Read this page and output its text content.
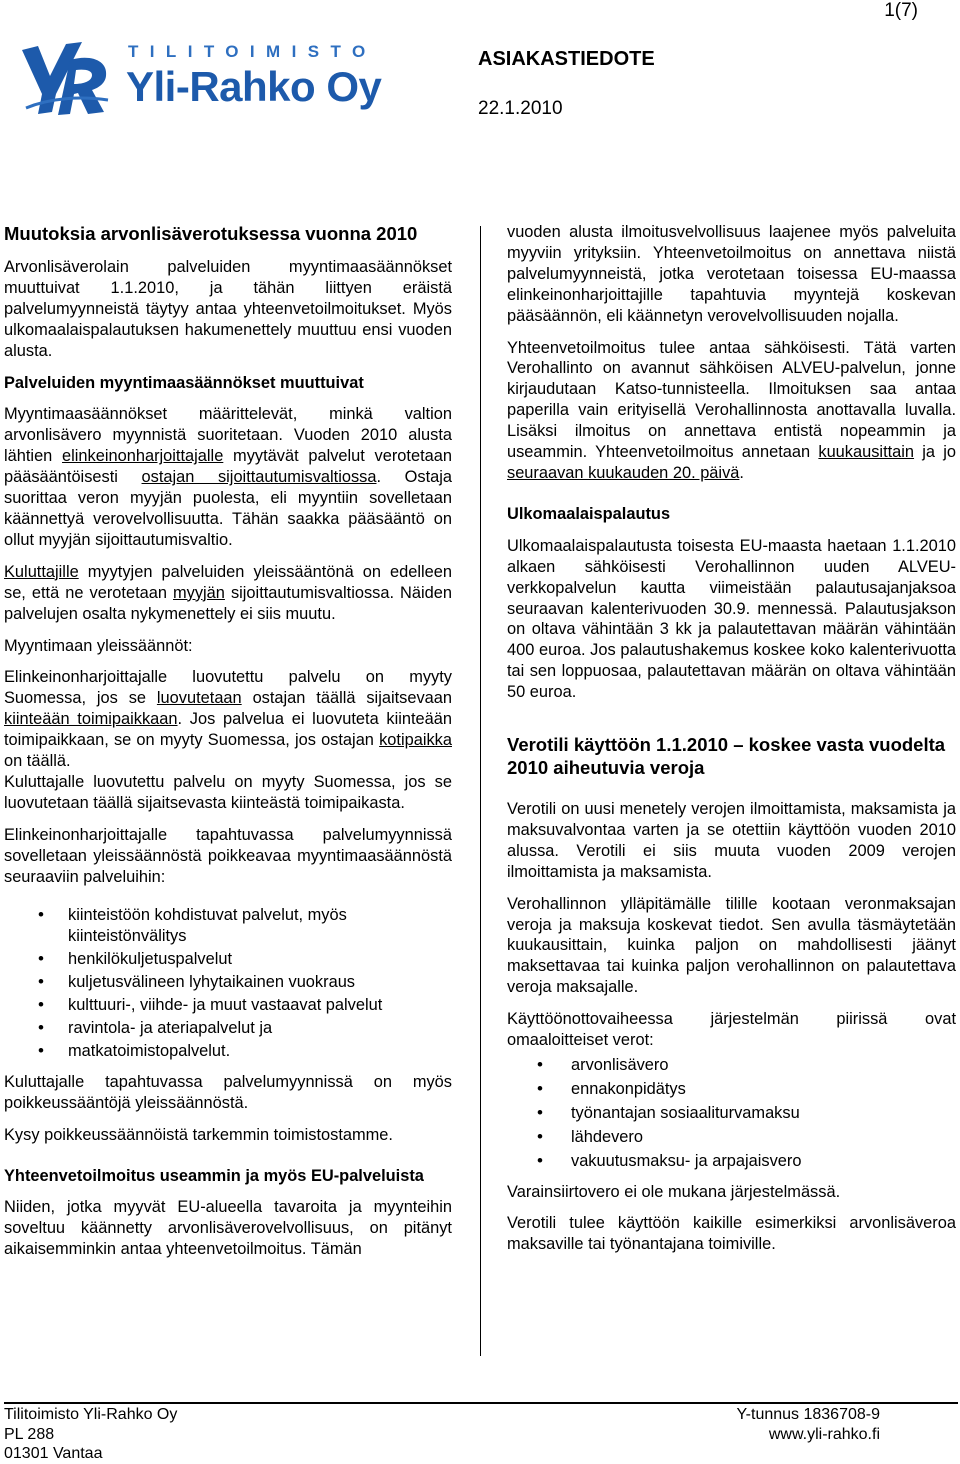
1(7)
TILITOIMISTO
Yli-Rahko Oy
ASIAKASTIEDOTE
22.1.2010
Muutoksia arvonlisäverotuksessa vuonna 2010

Arvonlisäverolain palveluiden myyntimaasäännökset muuttuivat 1.1.2010, ja tähän liittyen eräistä palvelumyynneistä täytyy antaa yhteenvetoilmoitukset. Myös ulkomaalaispalautuksen hakumenettely muuttuu ensi vuoden alusta.

Palveluiden myyntimaasäännökset muuttuivat

Myyntimaasäännökset määrittelevät, minkä valtion arvonlisävero myynnistä suoritetaan. Vuoden 2010 alusta lähtien elinkeinonharjoittajalle myytävät palvelut verotetaan pääsääntöisesti ostajan sijoittautumisvaltiossa. Ostaja suorittaa veron myyjän puolesta, eli myyntiin sovelletaan käännettyä verovelvollisuutta. Tähän saakka pääsääntö on ollut myyjän sijoittautumisvaltio.

Kuluttajille myytyjen palveluiden yleissääntönä on edelleen se, että ne verotetaan myyjän sijoittautumisvaltiossa. Näiden palvelujen osalta nykymenettely ei siis muutu.

Myyntimaan yleissäännöt:

Elinkeinonharjoittajalle luovutettu palvelu on myyty Suomessa, jos se luovutetaan ostajan täällä sijaitsevaan kiinteään toimipaikkaan. Jos palvelua ei luovuteta kiinteään toimipaikkaan, se on myyty Suomessa, jos ostajan kotipaikka on täällä.

Kuluttajalle luovutettu palvelu on myyty Suomessa, jos se luovutetaan täällä sijaitsevasta kiinteästä toimipaikasta.

Elinkeinonharjoittajalle tapahtuvassa palvelumyynnissä sovelletaan yleissäännöstä poikkeavaa myyntimaasäännöstä seuraaviin palveluihin:

• kiinteistöön kohdistuvat palvelut, myös kiinteistönvälitys
• henkilökuljetuspalvelut
• kuljetusvälineen lyhytaikainen vuokraus
• kulttuuri-, viihde- ja muut vastaavat palvelut
• ravintola- ja ateriapalvelut ja
• matkatoimistopalvelut.

Kuluttajalle tapahtuvassa palvelumyynnissä on myös poikkeussääntöjä yleissäännöstä.

Kysy poikkeussäännöistä tarkemmin toimistostamme.

Yhteenvetoilmoitus useammin ja myös EU-palveluista

Niiden, jotka myyvät EU-alueella tavaroita ja myynteihin soveltuu käännetty arvonlisäverovelvollisuus, on pitänyt aikaisemminkin antaa yhteenvetoilmoitus. Tämän

vuoden alusta ilmoitusvelvollisuus laajenee myös palveluita myyviin yrityksiin. Yhteenvetoilmoitus on annettava niistä palvelumyynneistä, jotka verotetaan toisessa EU-maassa elinkeinonharjoittajille tapahtuvia myyntejä koskevan pääsäännön, eli käännetyn verovelvollisuuden nojalla.

Yhteenvetoilmoitus tulee antaa sähköisesti. Tätä varten Verohallinto on avannut sähköisen ALVEU-palvelun, jonne kirjaudutaan Katso-tunnisteella. Ilmoituksen saa antaa paperilla vain erityisellä Verohallinnosta anottavalla luvalla. Lisäksi ilmoitus on annettava entistä nopeammin ja useammin. Yhteenvetoilmoitus annetaan kuukausittain ja jo seuraavan kuukauden 20. päivä.

Ulkomaalaispalautus

Ulkomaalaispalautusta toisesta EU-maasta haetaan 1.1.2010 alkaen sähköisesti Verohallinnon uuden ALVEU-verkkopalvelun kautta viimeistään palautusajanjaksoa seuraavan kalenterivuoden 30.9. mennessä. Palautusjakson on oltava vähintään 3 kk ja palautettavan määrän vähintään 400 euroa. Jos palautushakemus koskee koko kalenterivuotta tai sen loppuosaa, palautettavan määrän on oltava vähintään 50 euroa.

Verotili käyttöön 1.1.2010 – koskee vasta vuodelta 2010 aiheutuvia veroja

Verotili on uusi menetely verojen ilmoittamista, maksamista ja maksuvalvontaa varten ja se otettiin käyttöön vuoden 2010 alussa. Verotili ei siis muuta vuoden 2009 verojen ilmoittamista ja maksamista.

Verohallinnon ylläpitämälle tilille kootaan veronmaksajan veroja ja maksuja koskevat tiedot. Sen avulla täsmäytetään kuukausittain, kuinka paljon on mahdollisesti jäänyt maksettavaa tai kuinka paljon verohallinnon on palautettava veroja maksajalle.

Käyttöönottovaiheessa järjestelmän piirissä ovat omaaloitteiset verot:

• arvonlisävero
• ennakonpidätys
• työnantajan sosiaaliturvamaksu
• lähdevero
• vakuutusmaksu- ja arpajaisvero

Varainsiirtovero ei ole mukana järjestelmässä.

Verotili tulee käyttöön kaikille esimerkiksi arvonlisäveroa maksaville tai työnantajana toimiville.

Tilitoimisto Yli-Rahko Oy
PL 288
01301 Vantaa
Y-tunnus 1836708-9
www.yli-rahko.fi
